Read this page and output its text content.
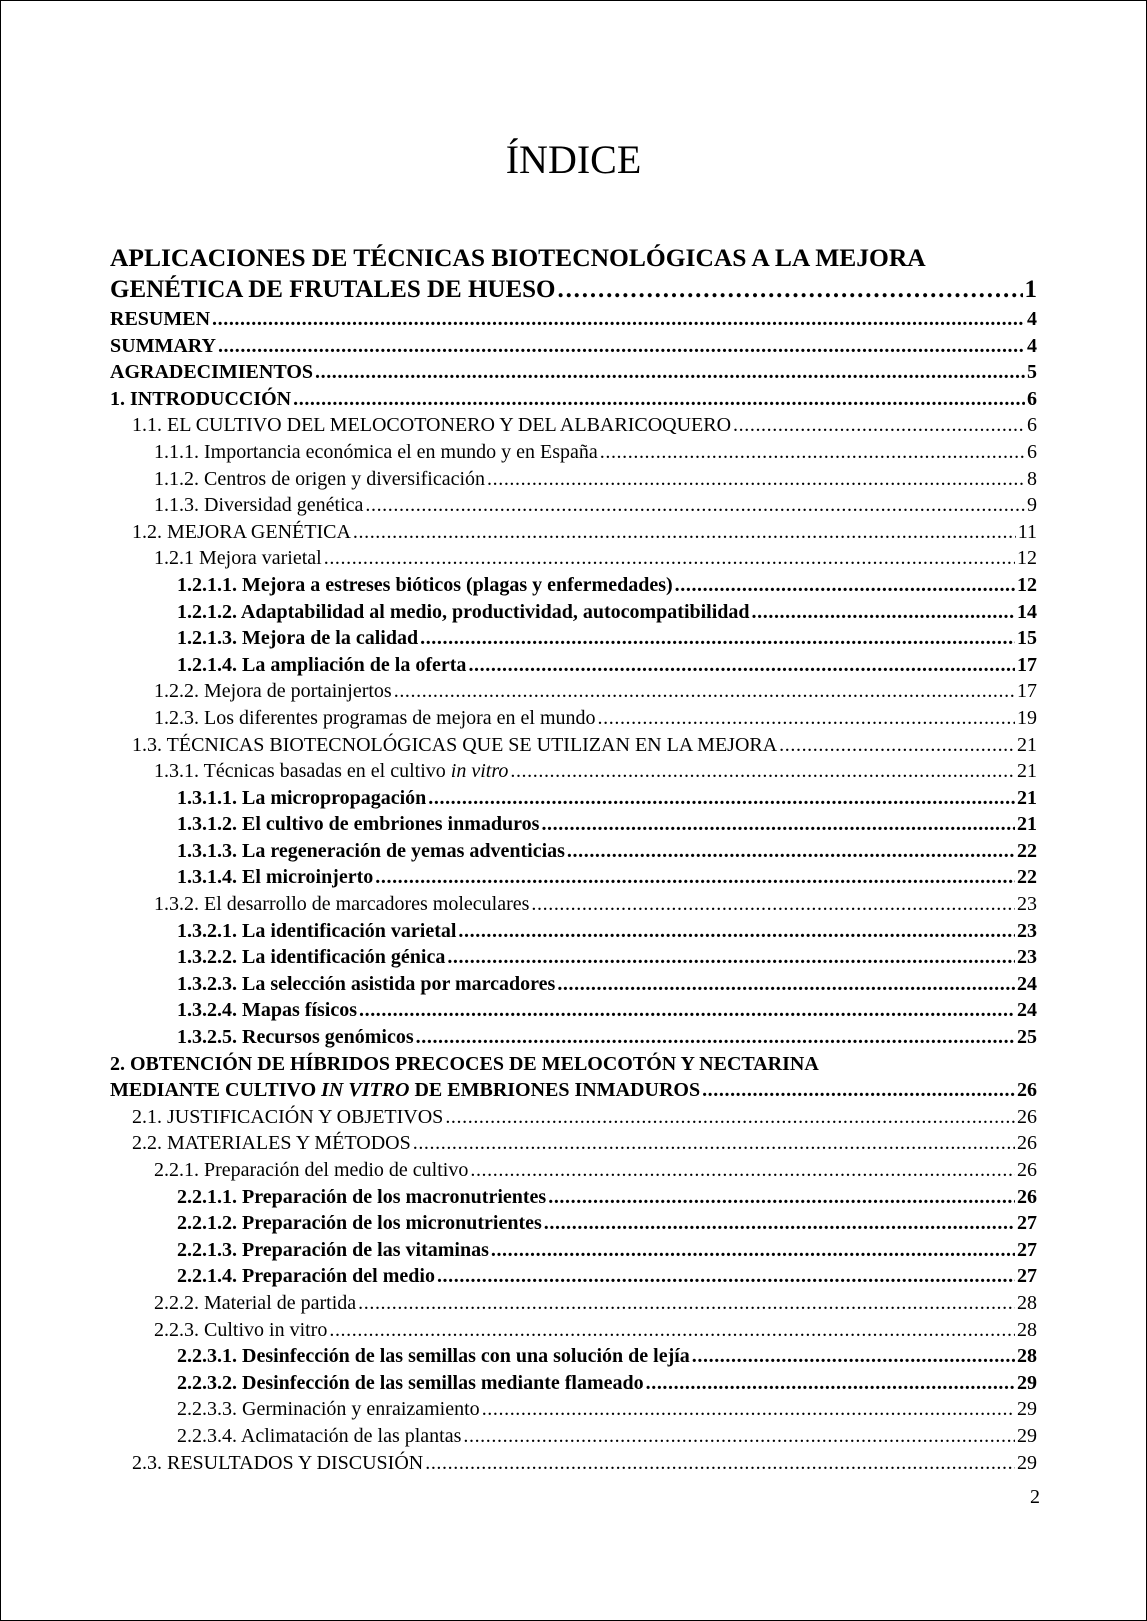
ÍNDICE
APLICACIONES DE TÉCNICAS BIOTECNOLÓGICAS A LA MEJORA
GENÉTICA DE FRUTALES DE HUESO . . .	1
RESUMEN . . .	4
SUMMARY . . .	4
AGRADECIMIENTOS . . .	5
1. INTRODUCCIÓN . . .	6
1.1. EL CULTIVO DEL MELOCOTONERO Y DEL ALBARICOQUERO . . .	6
1.1.1. Importancia económica el en mundo y en España . . .	6
1.1.2. Centros de origen y diversificación . . .	8
1.1.3. Diversidad genética . . .	9
1.2. MEJORA GENÉTICA . . .	11
1.2.1 Mejora varietal . . .	12
1.2.1.1. Mejora a estreses bióticos (plagas y enfermedades) . . .	12
1.2.1.2. Adaptabilidad al medio, productividad, autocompatibilidad . . .	14
1.2.1.3. Mejora de la calidad . . .	15
1.2.1.4. La ampliación de la oferta . . .	17
1.2.2. Mejora de portainjertos . . .	17
1.2.3. Los diferentes programas de mejora en el mundo . . .	19
1.3. TÉCNICAS BIOTECNOLÓGICAS QUE SE UTILIZAN EN LA MEJORA . . .	21
1.3.1. Técnicas basadas en el cultivo in vitro . . .	21
1.3.1.1. La micropropagación . . .	21
1.3.1.2. El cultivo de embriones inmaduros . . .	21
1.3.1.3. La regeneración de yemas adventicias . . .	22
1.3.1.4. El microinjerto . . .	22
1.3.2. El desarrollo de marcadores moleculares . . .	23
1.3.2.1. La identificación varietal . . .	23
1.3.2.2. La identificación génica . . .	23
1.3.2.3. La selección asistida por marcadores . . .	24
1.3.2.4. Mapas físicos . . .	24
1.3.2.5. Recursos genómicos . . .	25
2. OBTENCIÓN DE HÍBRIDOS PRECOCES DE MELOCOTÓN Y NECTARINA
MEDIANTE CULTIVO IN VITRO DE EMBRIONES INMADUROS . . .	26
2.1. JUSTIFICACIÓN Y OBJETIVOS . . .	26
2.2. MATERIALES Y MÉTODOS . . .	26
2.2.1. Preparación del medio de cultivo . . .	26
2.2.1.1. Preparación de los macronutrientes . . .	26
2.2.1.2. Preparación de los micronutrientes . . .	27
2.2.1.3. Preparación de las vitaminas . . .	27
2.2.1.4. Preparación del medio . . .	27
2.2.2. Material de partida . . .	28
2.2.3. Cultivo in vitro . . .	28
2.2.3.1. Desinfección de las semillas con una solución de lejía . . .	28
2.2.3.2. Desinfección de las semillas mediante flameado . . .	29
2.2.3.3. Germinación y enraizamiento . . .	29
2.2.3.4. Aclimatación de las plantas . . .	29
2.3. RESULTADOS Y DISCUSIÓN . . .	29
2
